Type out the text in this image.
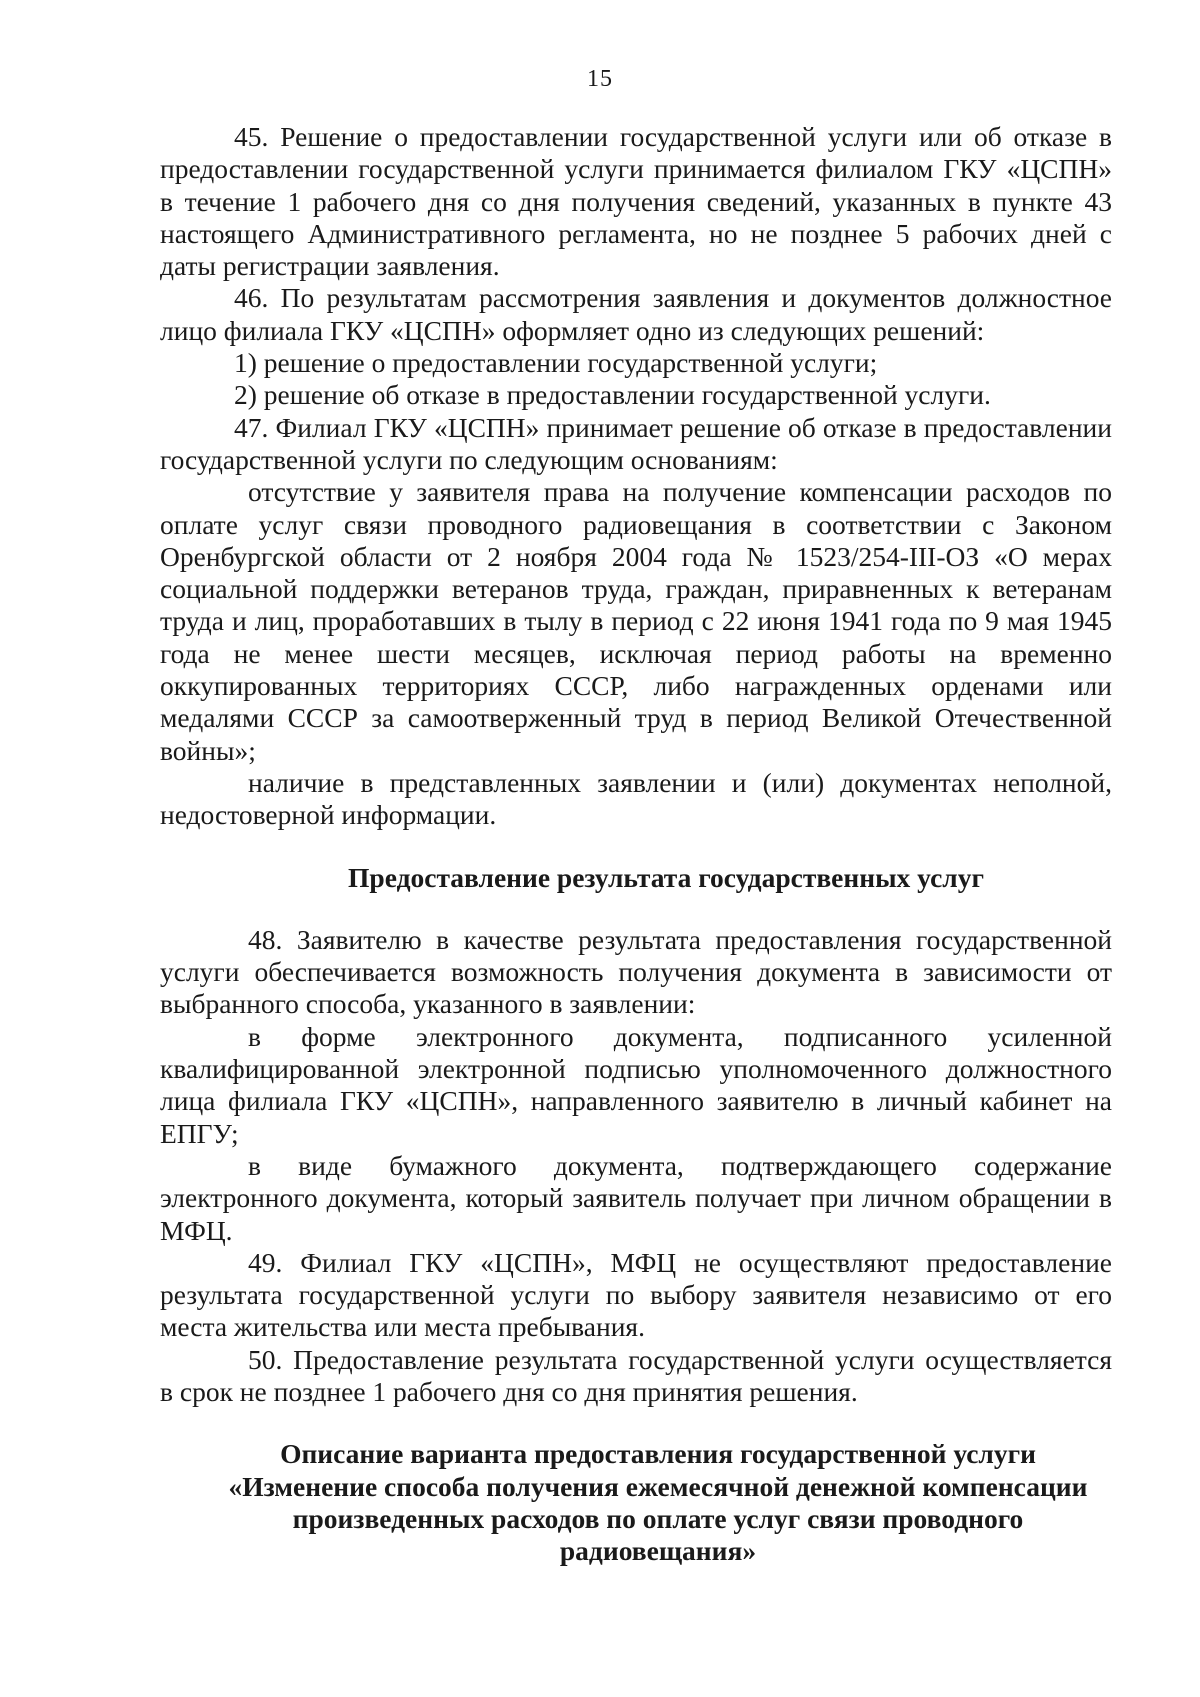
15

45. Решение о предоставлении государственной услуги или об отказе в предоставлении государственной услуги принимается филиалом ГКУ «ЦСПН» в течение 1 рабочего дня со дня получения сведений, указанных в пункте 43 настоящего Административного регламента, но не позднее 5 рабочих дней с даты регистрации заявления.

46. По результатам рассмотрения заявления и документов должностное лицо филиала ГКУ «ЦСПН» оформляет одно из следующих решений:

1) решение о предоставлении государственной услуги;

2) решение об отказе в предоставлении государственной услуги.

47. Филиал ГКУ «ЦСПН» принимает решение об отказе в предоставлении государственной услуги по следующим основаниям:

отсутствие у заявителя права на получение компенсации расходов по оплате услуг связи проводного радиовещания в соответствии с Законом Оренбургской области от 2 ноября 2004 года № 1523/254-III-ОЗ «О мерах социальной поддержки ветеранов труда, граждан, приравненных к ветеранам труда и лиц, проработавших в тылу в период с 22 июня 1941 года по 9 мая 1945 года не менее шести месяцев, исключая период работы на временно оккупированных территориях СССР, либо награжденных орденами или медалями СССР за самоотверженный труд в период Великой Отечественной войны»;

наличие в представленных заявлении и (или) документах неполной, недостоверной информации.

Предоставление результата государственных услуг

48. Заявителю в качестве результата предоставления государственной услуги обеспечивается возможность получения документа в зависимости от выбранного способа, указанного в заявлении:

в форме электронного документа, подписанного усиленной квалифицированной электронной подписью уполномоченного должностного лица филиала ГКУ «ЦСПН», направленного заявителю в личный кабинет на ЕПГУ;

в виде бумажного документа, подтверждающего содержание электронного документа, который заявитель получает при личном обращении в МФЦ.

49. Филиал ГКУ «ЦСПН», МФЦ не осуществляют предоставление результата государственной услуги по выбору заявителя независимо от его места жительства или места пребывания.

50. Предоставление результата государственной услуги осуществляется в срок не позднее 1 рабочего дня со дня принятия решения.

Описание варианта предоставления государственной услуги
«Изменение способа получения ежемесячной денежной компенсации
произведенных расходов по оплате услуг связи проводного
радиовещания»
